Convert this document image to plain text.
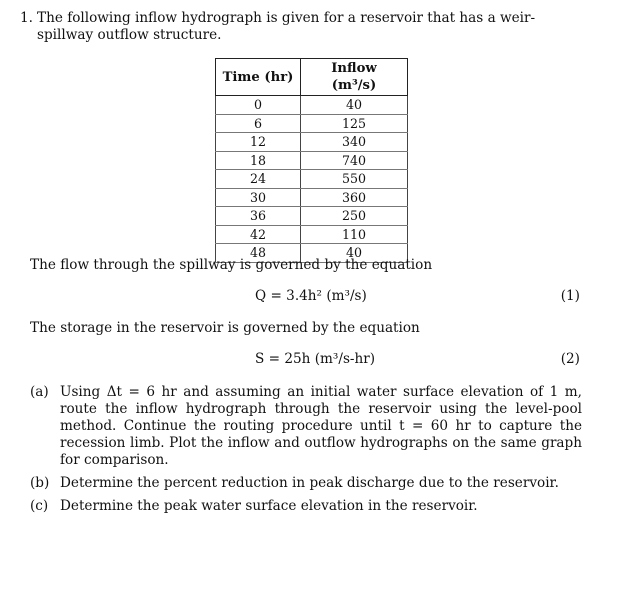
1. The following inflow hydrograph is given for a reservoir that has a weir-spillway outflow structure.
Time (hr)	Inflow (m³/s)
0	40
6	125
12	340
18	740
24	550
30	360
36	250
42	110
48	40
The flow through the spillway is governed by the equation
Q = 3.4h² (m³/s)	(1)
The storage in the reservoir is governed by the equation
S = 25h (m³/s-hr)	(2)
(a) Using Δt = 6 hr and assuming an initial water surface elevation of 1 m, route the inflow hydrograph through the reservoir using the level-pool method. Continue the routing procedure until t = 60 hr to capture the recession limb. Plot the inflow and outflow hydrographs on the same graph for comparison.
(b) Determine the percent reduction in peak discharge due to the reservoir.
(c) Determine the peak water surface elevation in the reservoir.
